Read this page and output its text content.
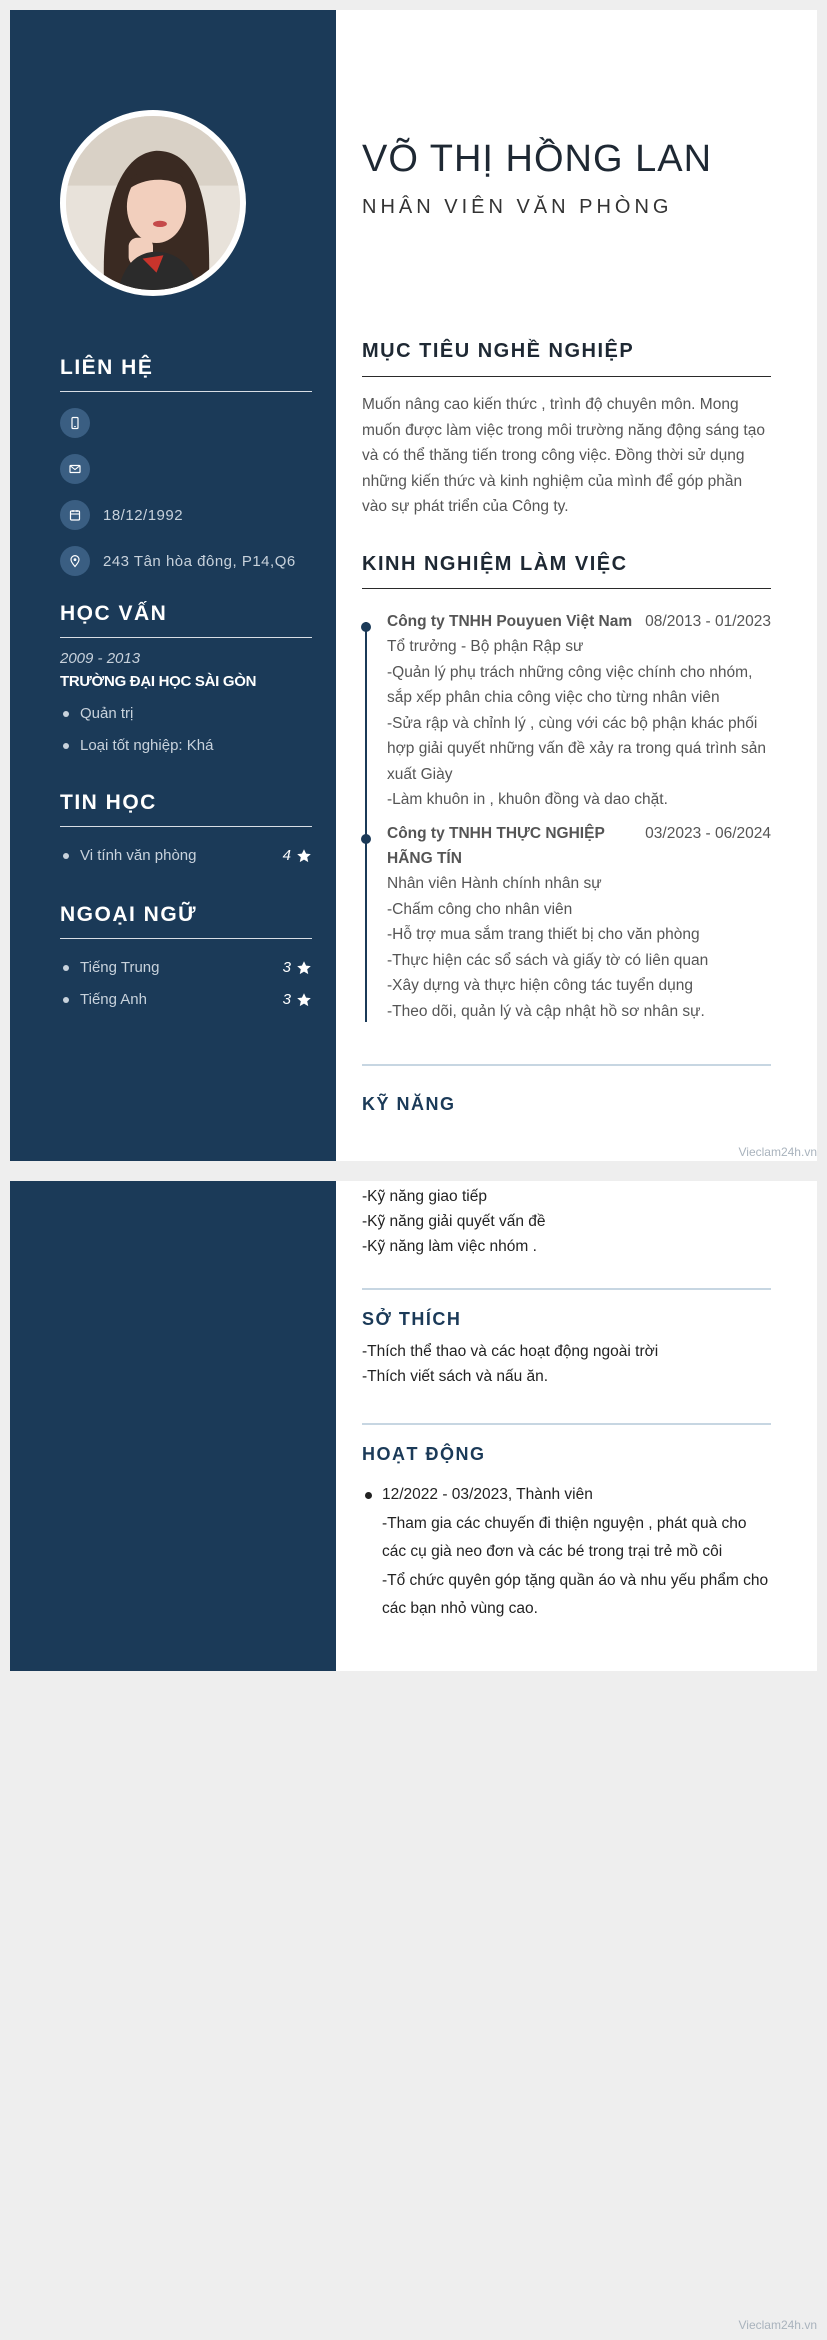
LIÊN HỆ
18/12/1992
243 Tân hòa đông, P14,Q6
HỌC VẤN
2009 - 2013
TRƯỜNG ĐẠI HỌC SÀI GÒN
Quản trị
Loại tốt nghiệp: Khá
TIN HỌC
Vi tính văn phòng	4
NGOẠI NGỮ
Tiếng Trung	3
Tiếng Anh	3
VÕ THỊ HỒNG LAN
NHÂN VIÊN VĂN PHÒNG
MỤC TIÊU NGHỀ NGHIỆP
Muốn nâng cao kiến thức , trình độ chuyên môn. Mong muốn được làm việc trong môi trường năng động sáng tạo và có thể thăng tiến trong công việc. Đồng thời sử dụng những kiến thức và kinh nghiệm của mình để góp phần vào sự phát triển của Công ty.
KINH NGHIỆM LÀM VIỆC
Công ty TNHH Pouyuen Việt Nam 08/2013 - 01/2023
Tổ trưởng - Bộ phận Rập sư
-Quản lý phụ trách những công việc chính cho nhóm, sắp xếp phân chia công việc cho từng nhân viên
-Sửa rập và chỉnh lý , cùng với các bộ phận khác phối hợp giải quyết những vấn đề xảy ra trong quá trình sản xuất Giày
-Làm khuôn in , khuôn đồng và dao chặt.
Công ty TNHH THỰC NGHIỆP HÃNG TÍN
03/2023 - 06/2024
Nhân viên Hành chính nhân sự
-Chấm công cho nhân viên
-Hỗ trợ mua sắm trang thiết bị cho văn phòng
-Thực hiện các sổ sách và giấy tờ có liên quan
-Xây dựng và thực hiện công tác tuyển dụng
-Theo dõi, quản lý và cập nhật hồ sơ nhân sự.
KỸ NĂNG
Vieclam24h.vn
-Kỹ năng giao tiếp
-Kỹ năng giải quyết vấn đề
-Kỹ năng làm việc nhóm .
SỞ THÍCH
-Thích thể thao và các hoạt động ngoài trời
-Thích viết sách và nấu ăn.
HOẠT ĐỘNG
12/2022 - 03/2023, Thành viên
-Tham gia các chuyến đi thiện nguyện , phát quà cho các cụ già neo đơn và các bé trong trại trẻ mồ côi
-Tổ chức quyên góp tặng quần áo và nhu yếu phẩm cho các bạn nhỏ vùng cao.
Vieclam24h.vn
